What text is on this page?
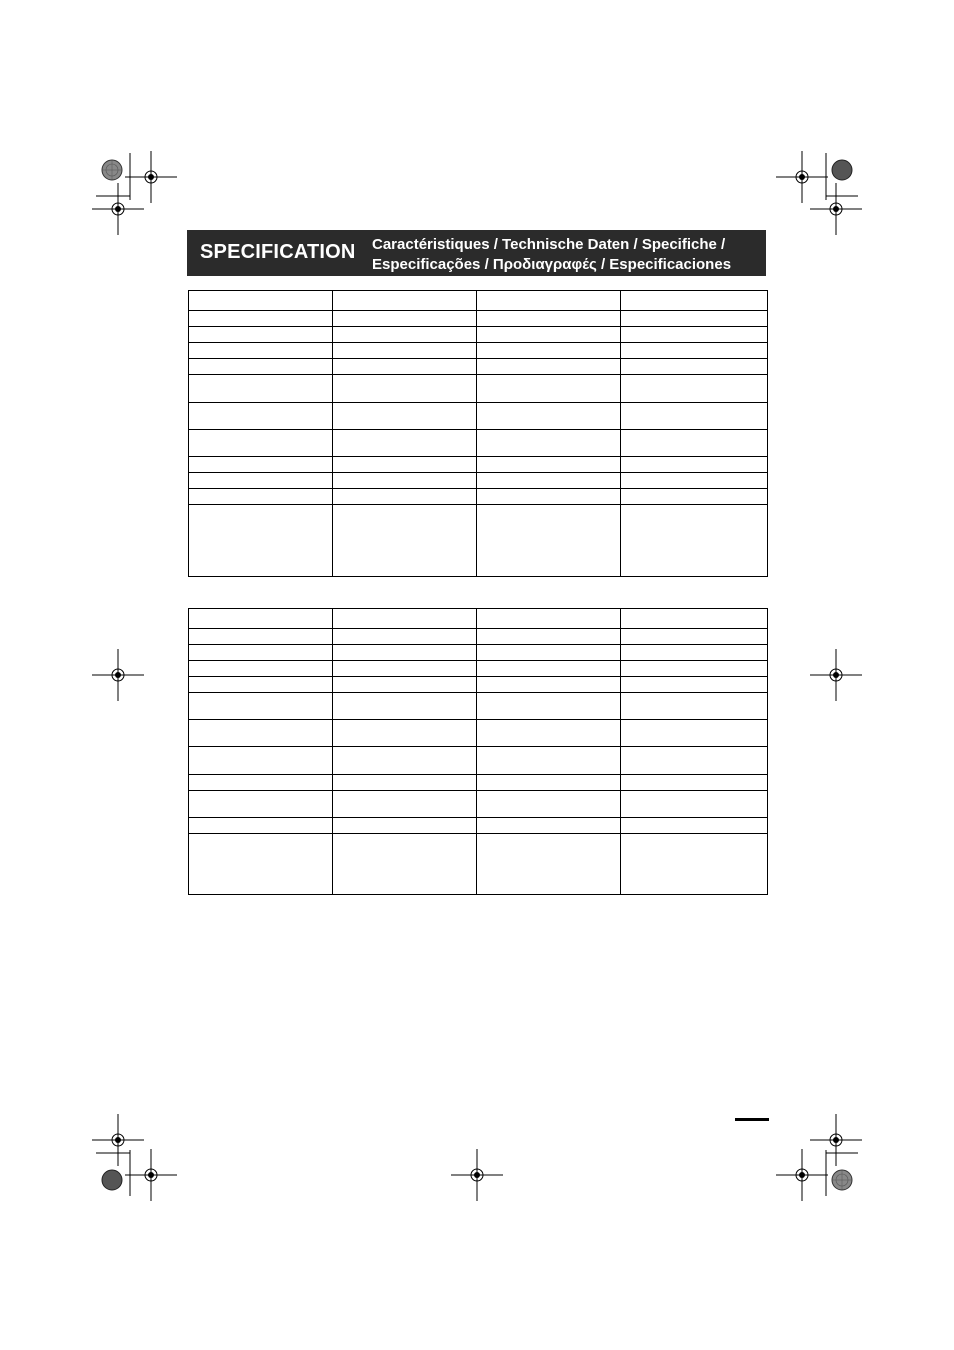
SPECIFICATION Caractéristiques / Technische Daten / Specifiche /
Especificações / Προδιαγραφές / Especificaciones
